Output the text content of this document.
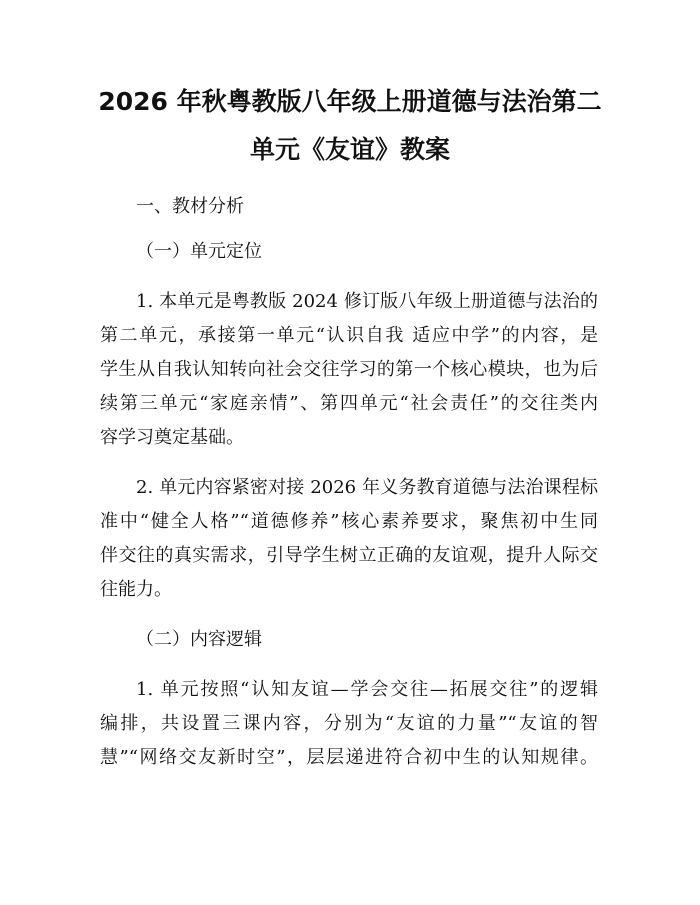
2026 年秋粤教版八年级上册道德与法治第二
单元《友谊》教案
一、教材分析
（一）单元定位
1. 本单元是粤教版 2024 修订版八年级上册道德与法治的
第二单元，承接第一单元“认识自我 适应中学”的内容，是
学生从自我认知转向社会交往学习的第一个核心模块，也为后
续第三单元“家庭亲情”、第四单元“社会责任”的交往类内
容学习奠定基础。
2. 单元内容紧密对接 2026 年义务教育道德与法治课程标
准中“健全人格”“道德修养”核心素养要求，聚焦初中生同
伴交往的真实需求，引导学生树立正确的友谊观，提升人际交
往能力。
（二）内容逻辑
1. 单元按照“认知友谊—学会交往—拓展交往”的逻辑
编排，共设置三课内容，分别为“友谊的力量”“友谊的智
慧”“网络交友新时空”，层层递进符合初中生的认知规律。
